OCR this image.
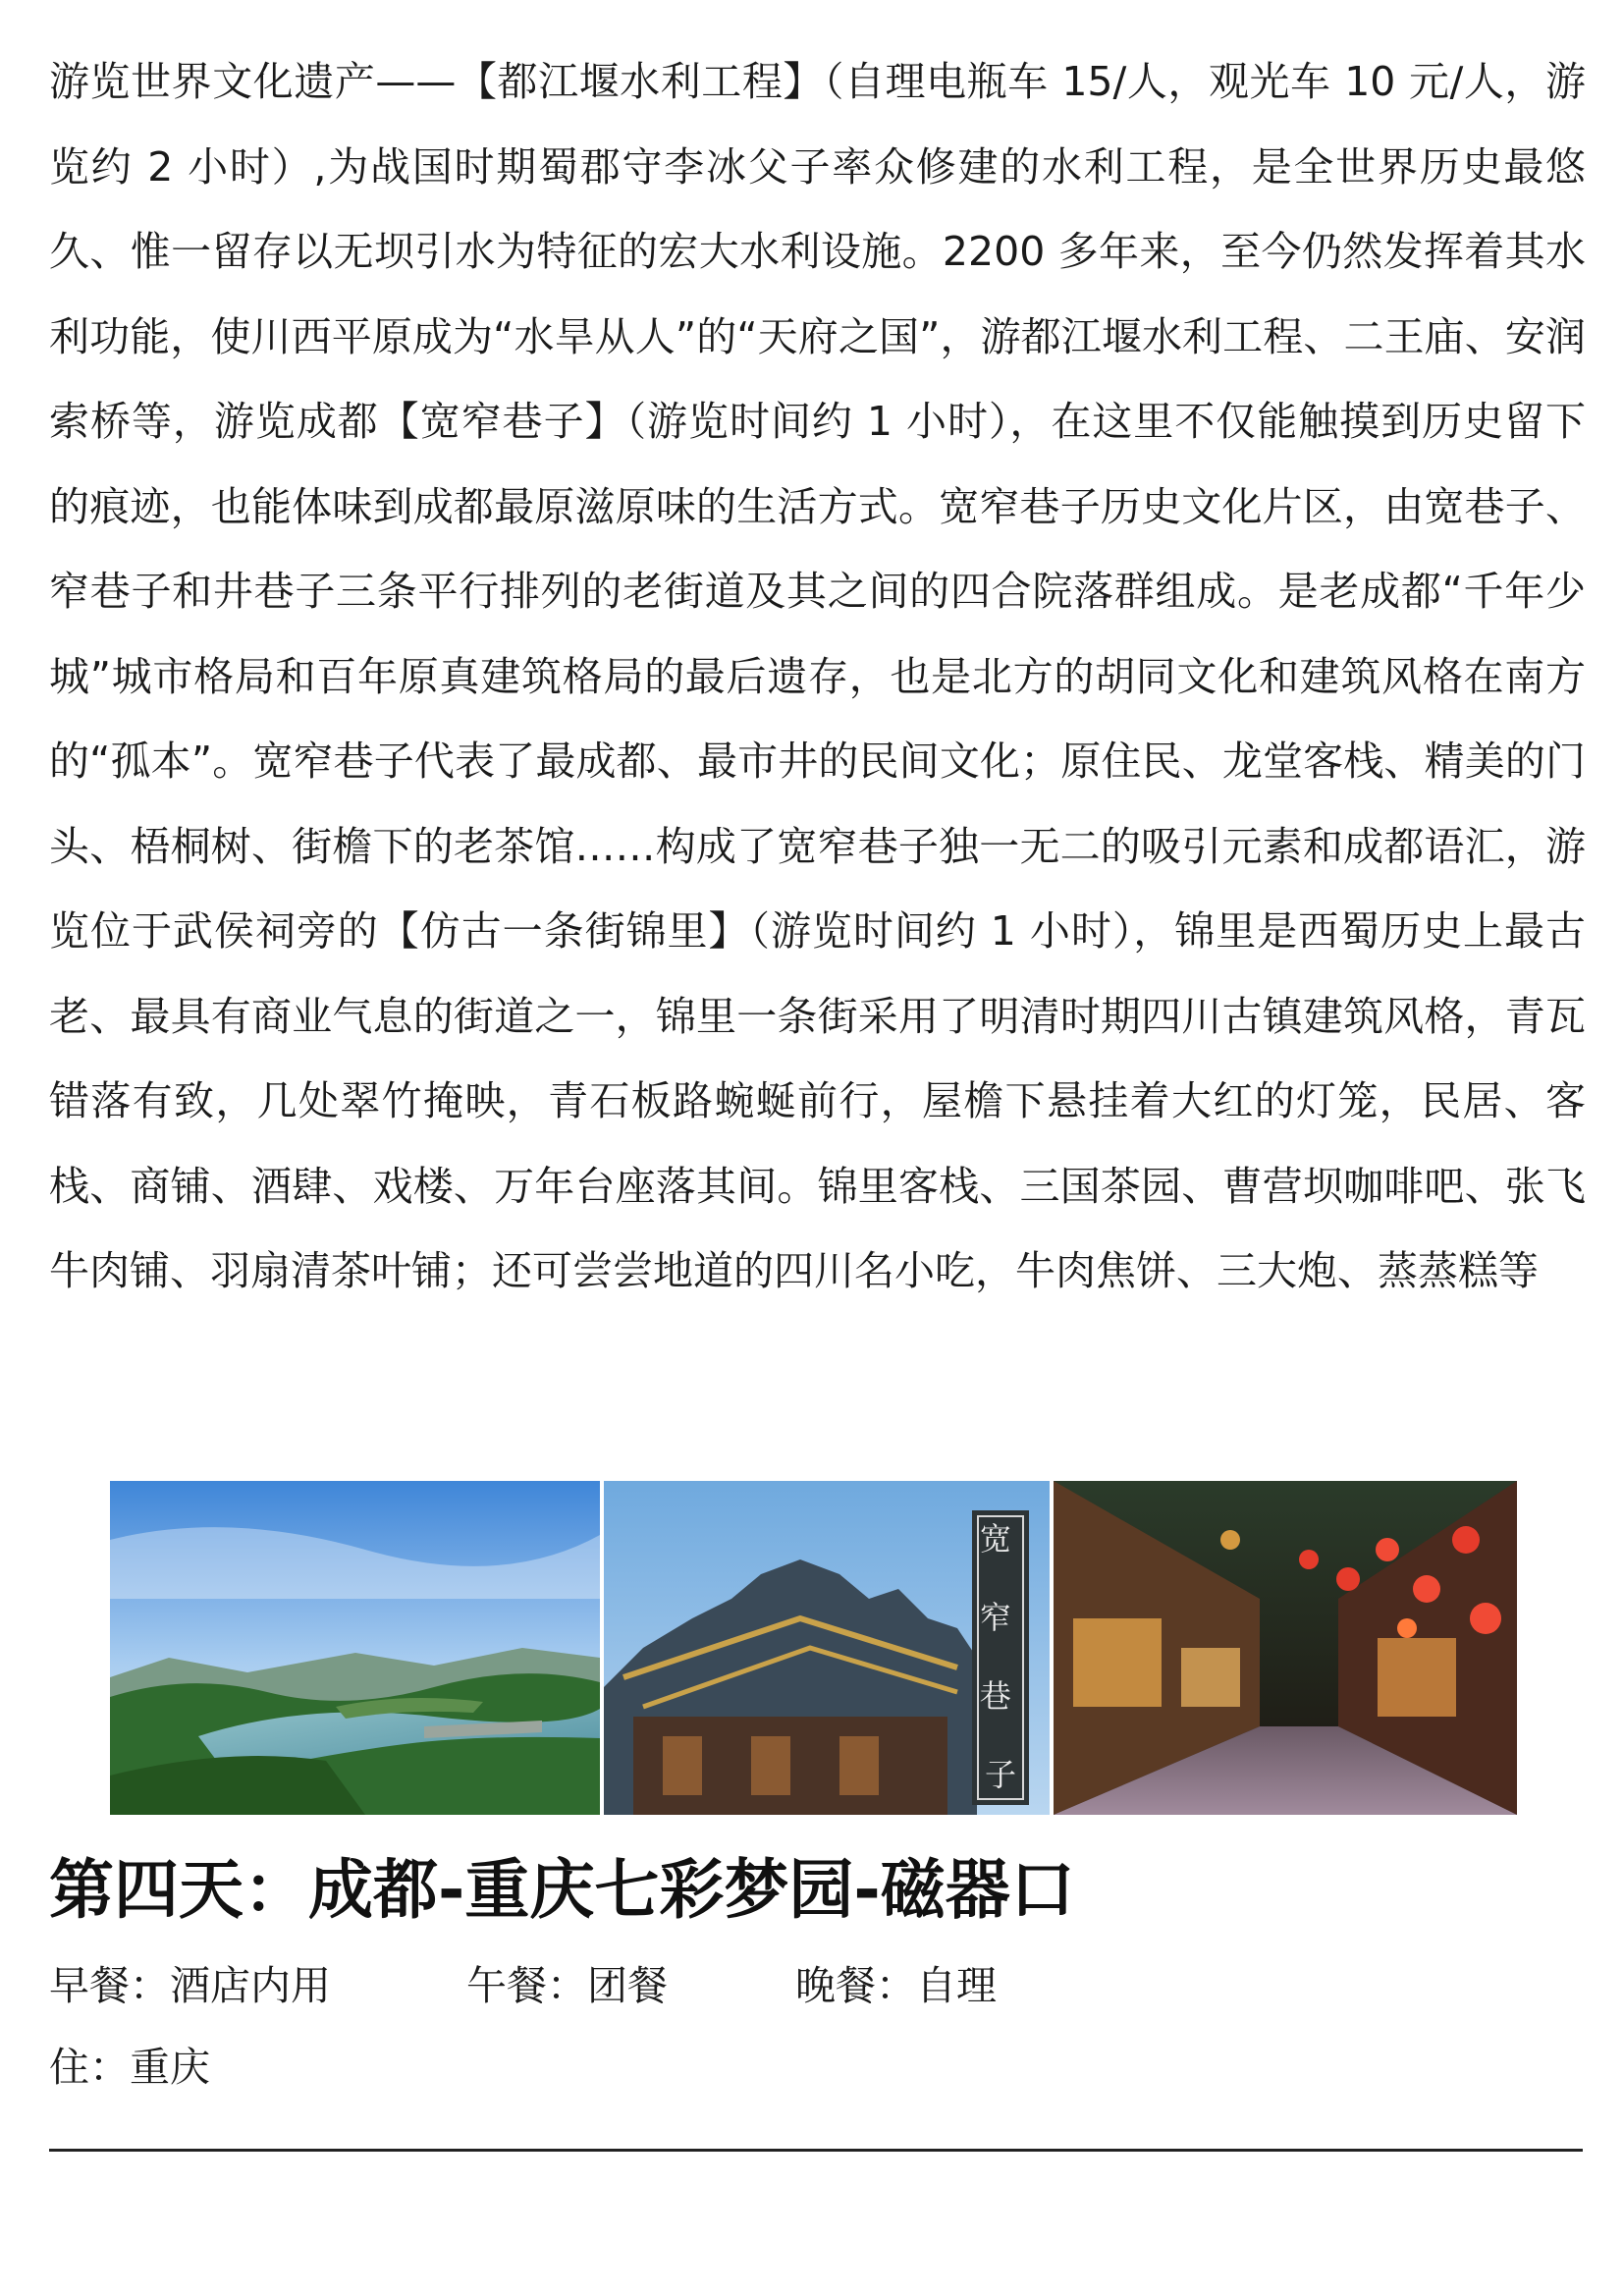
游览世界文化遗产——【都江堰水利工程】（自理电瓶车 15/人，观光车 10 元/人，游览约 2 小时）,为战国时期蜀郡守李冰父子率众修建的水利工程，是全世界历史最悠久、惟一留存以无坝引水为特征的宏大水利设施。2200 多年来，至今仍然发挥着其水利功能，使川西平原成为“水旱从人”的“天府之国”，游都江堰水利工程、二王庙、安润索桥等，游览成都【宽窄巷子】（游览时间约 1 小时），在这里不仅能触摸到历史留下的痕迹，也能体味到成都最原滋原味的生活方式。宽窄巷子历史文化片区，由宽巷子、窄巷子和井巷子三条平行排列的老街道及其之间的四合院落群组成。是老成都“千年少城”城市格局和百年原真建筑格局的最后遗存，也是北方的胡同文化和建筑风格在南方的“孤本”。宽窄巷子代表了最成都、最市井的民间文化；原住民、龙堂客栈、精美的门头、梧桐树、街檐下的老茶馆……构成了宽窄巷子独一无二的吸引元素和成都语汇，游览位于武侯祠旁的【仿古一条街锦里】（游览时间约 1 小时），锦里是西蜀历史上最古老、最具有商业气息的街道之一，锦里一条街采用了明清时期四川古镇建筑风格，青瓦错落有致，几处翠竹掩映，青石板路蜿蜒前行，屋檐下悬挂着大红的灯笼，民居、客栈、商铺、酒肆、戏楼、万年台座落其间。锦里客栈、三国茶园、曹营坝咖啡吧、张飞牛肉铺、羽扇清茶叶铺；还可尝尝地道的四川名小吃，牛肉焦饼、三大炮、蒸蒸糕等

宽 窄 巷 子
第四天：成都-重庆七彩梦园-磁器口
早餐：酒店内用	午餐：团餐	晚餐：自理
住：重庆
